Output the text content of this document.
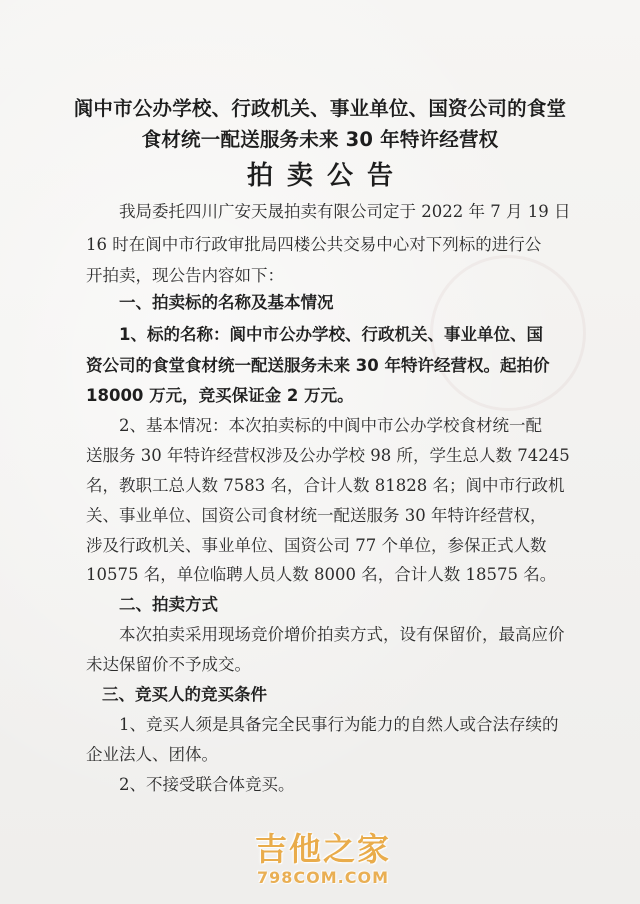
阆中市公办学校、行政机关、事业单位、国资公司的食堂
食材统一配送服务未来 30 年特许经营权
拍卖公告
我局委托四川广安天晟拍卖有限公司定于 2022 年 7 月 19 日
16 时在阆中市行政审批局四楼公共交易中心对下列标的进行公
开拍卖，现公告内容如下：
一、拍卖标的名称及基本情况
1、标的名称：阆中市公办学校、行政机关、事业单位、国
资公司的食堂食材统一配送服务未来 30 年特许经营权。起拍价
18000 万元，竞买保证金 2 万元。
2、基本情况：本次拍卖标的中阆中市公办学校食材统一配
送服务 30 年特许经营权涉及公办学校 98 所，学生总人数 74245
名，教职工总人数 7583 名，合计人数 81828 名；阆中市行政机
关、事业单位、国资公司食材统一配送服务 30 年特许经营权，
涉及行政机关、事业单位、国资公司 77 个单位，参保正式人数
10575 名，单位临聘人员人数 8000 名，合计人数 18575 名。
二、拍卖方式
本次拍卖采用现场竞价增价拍卖方式，设有保留价，最高应价
未达保留价不予成交。
三、竞买人的竞买条件
1、竞买人须是具备完全民事行为能力的自然人或合法存续的
企业法人、团体。
2、不接受联合体竞买。
吉他之家
798COM.COM
